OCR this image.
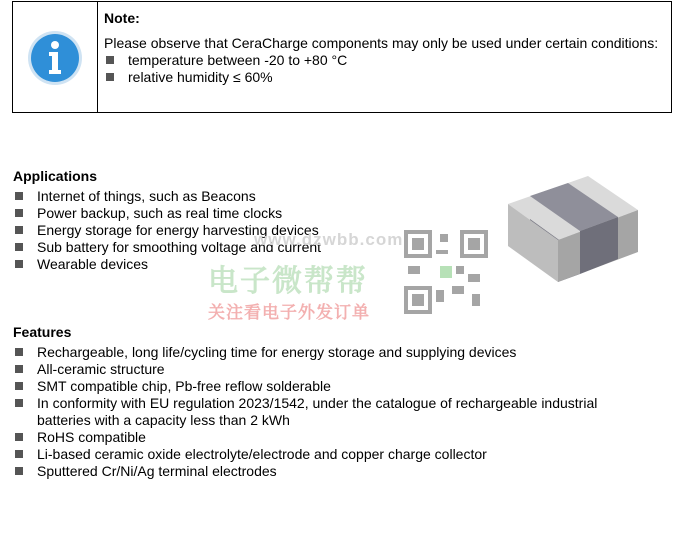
Note:

Please observe that CeraCharge components may only be used under certain conditions:

temperature between -20 to +80 °C
relative humidity ≤ 60%
Applications
Internet of things, such as Beacons
Power backup, such as real time clocks
Energy storage for energy harvesting devices
Sub battery for smoothing voltage and current
Wearable devices
www.dzwbb.com
电子微帮帮
关注看电子外发订单
Features
Rechargeable, long life/cycling time for energy storage and supplying devices
All-ceramic structure
SMT compatible chip, Pb-free reflow solderable
In conformity with EU regulation 2023/1542, under the catalogue of rechargeable industrial batteries with a capacity less than 2 kWh
RoHS compatible
Li-based ceramic oxide electrolyte/electrode and copper charge collector
Sputtered Cr/Ni/Ag terminal electrodes
